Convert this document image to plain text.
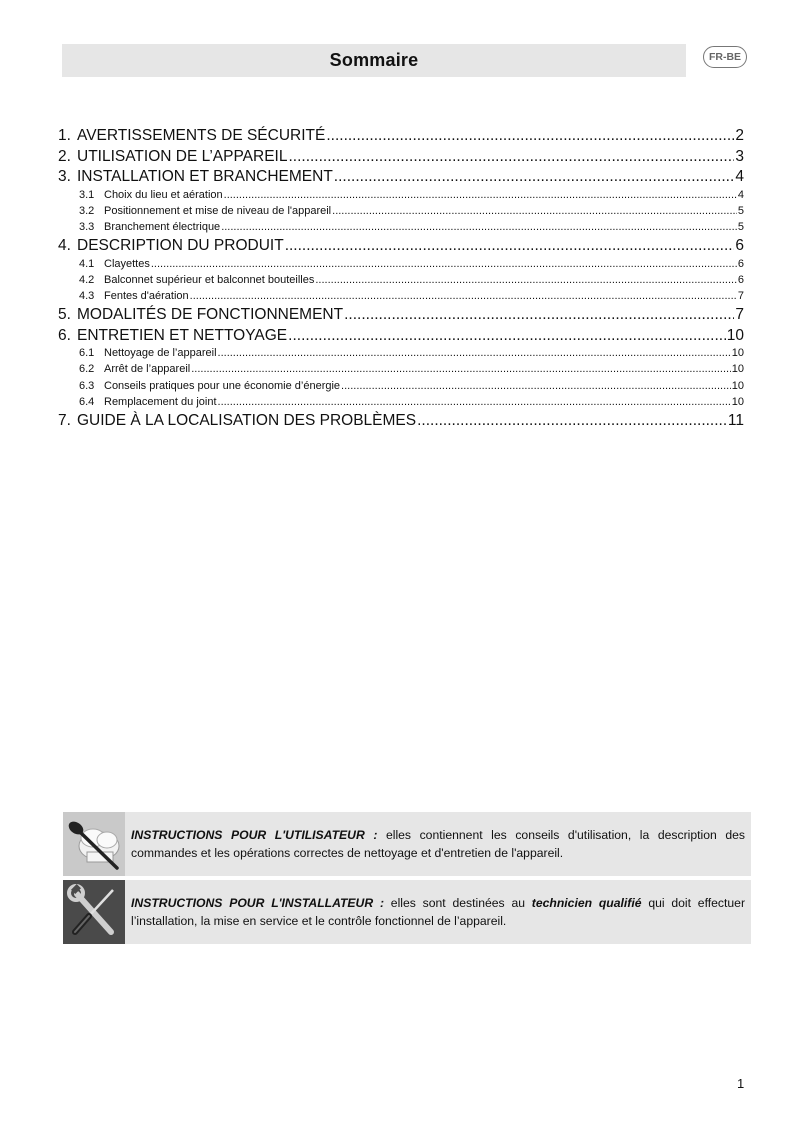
Sommaire	FR-BE
1. AVERTISSEMENTS DE SÉCURITÉ .....	2
2. UTILISATION DE L’APPAREIL .....	3
3. INSTALLATION ET BRANCHEMENT .....	4
3.1 Choix du lieu et aération .....	4
3.2 Positionnement et mise de niveau de l'appareil .....	5
3.3 Branchement électrique .....	5
4. DESCRIPTION DU PRODUIT .....	6
4.1 Clayettes .....	6
4.2 Balconnet supérieur et balconnet bouteilles .....	6
4.3 Fentes d'aération .....	7
5. MODALITÉS DE FONCTIONNEMENT .....	7
6. ENTRETIEN ET NETTOYAGE .....	10
6.1 Nettoyage de l’appareil .....	10
6.2 Arrêt de l’appareil .....	10
6.3 Conseils pratiques pour une économie d’énergie .....	10
6.4 Remplacement du joint .....	10
7. GUIDE À LA LOCALISATION DES PROBLÈMES .....	11
INSTRUCTIONS POUR L'UTILISATEUR : elles contiennent les conseils d'utilisation, la description des commandes et les opérations correctes de nettoyage et d'entretien de l'appareil.
INSTRUCTIONS POUR L'INSTALLATEUR : elles sont destinées au technicien qualifié qui doit effectuer l’installation, la mise en service et le contrôle fonctionnel de l’appareil.
1
